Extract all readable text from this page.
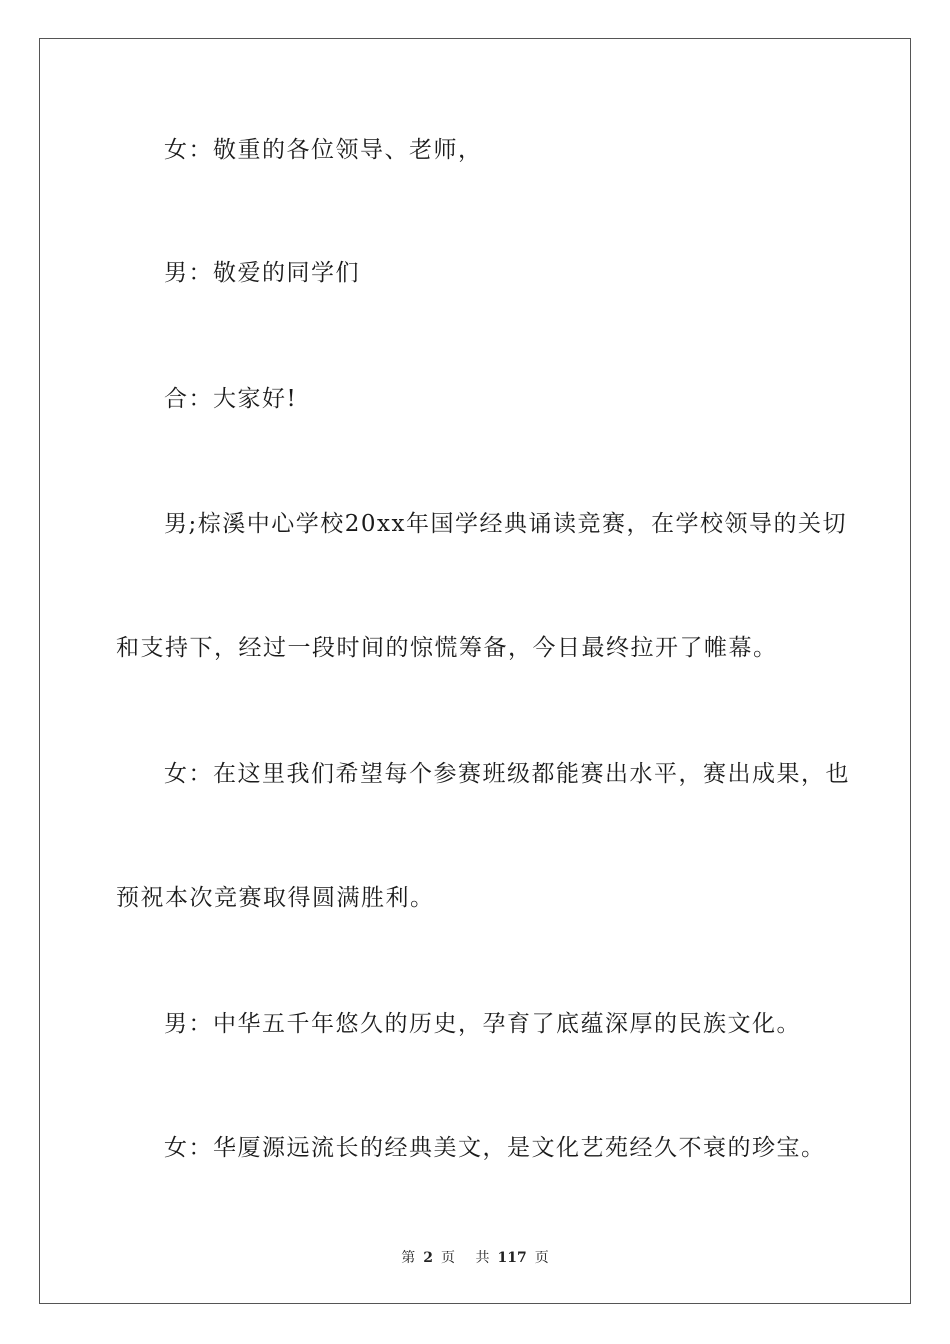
女：敬重的各位领导、老师，
男：敬爱的同学们
合：大家好!
男;棕溪中心学校20xx年国学经典诵读竞赛，在学校领导的关切
和支持下，经过一段时间的惊慌筹备，今日最终拉开了帷幕。
女：在这里我们希望每个参赛班级都能赛出水平，赛出成果，也
预祝本次竞赛取得圆满胜利。
男：中华五千年悠久的历史，孕育了底蕴深厚的民族文化。
女：华厦源远流长的经典美文，是文化艺苑经久不衰的珍宝。
第 2 页 共 117 页
